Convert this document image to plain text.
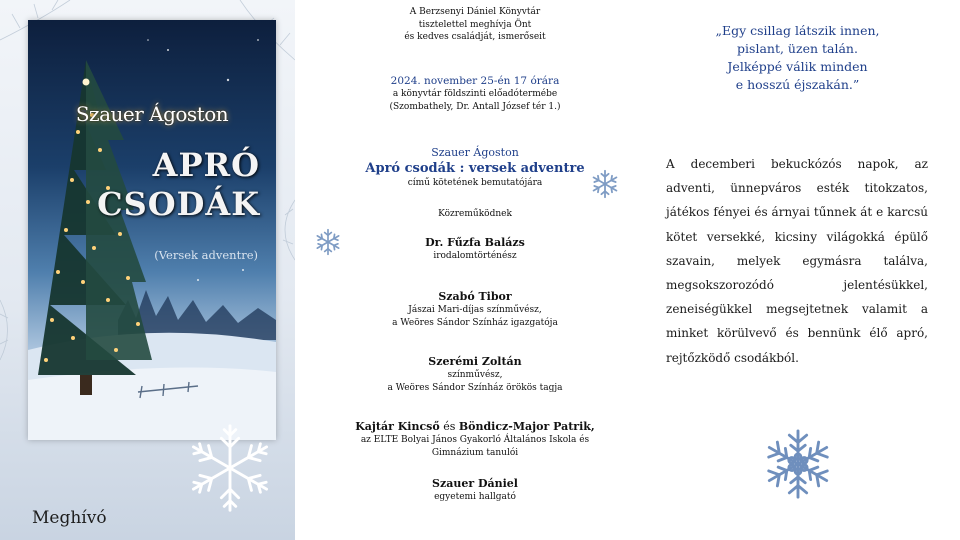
Szauer Ágoston
APRÓ
CSODÁK
(Versek adventre)
Meghívó
A Berzsenyi Dániel Könyvtár
tisztelettel meghívja Önt
és kedves családját, ismerőseit
2024. november 25-én 17 órára
a könyvtár földszinti előadótermébe
(Szombathely, Dr. Antall József tér 1.)
Szauer Ágoston
Apró csodák : versek adventre
című kötetének bemutatójára
Közreműködnek
Dr. Fűzfa Balázs
irodalomtörténész
Szabó Tibor
Jászai Mari-díjas színművész,
a Weöres Sándor Színház igazgatója
Szerémi Zoltán
színművész,
a Weöres Sándor Színház örökös tagja
Kajtár Kincső és Böndicz-Major Patrik,
az ELTE Bolyai János Gyakorló Általános Iskola és
Gimnázium tanulói
Szauer Dániel
egyetemi hallgató
„Egy csillag látszik innen,
pislant, üzen talán.
Jelképpé válik minden
e hosszú éjszakán.”
A decemberi bekuckózós napok, az adventi, ünnepváros esték titokzatos, játékos fényei és árnyai tűnnek át e karcsú kötet versekké, kicsiny világokká épülő szavain, melyek egymásra találva, megsokszorozódó jelentésükkel, zeneiségükkel megsejtetnek valamit a minket körülvevő és bennünk élő apró, rejtőzködő csodákból.
